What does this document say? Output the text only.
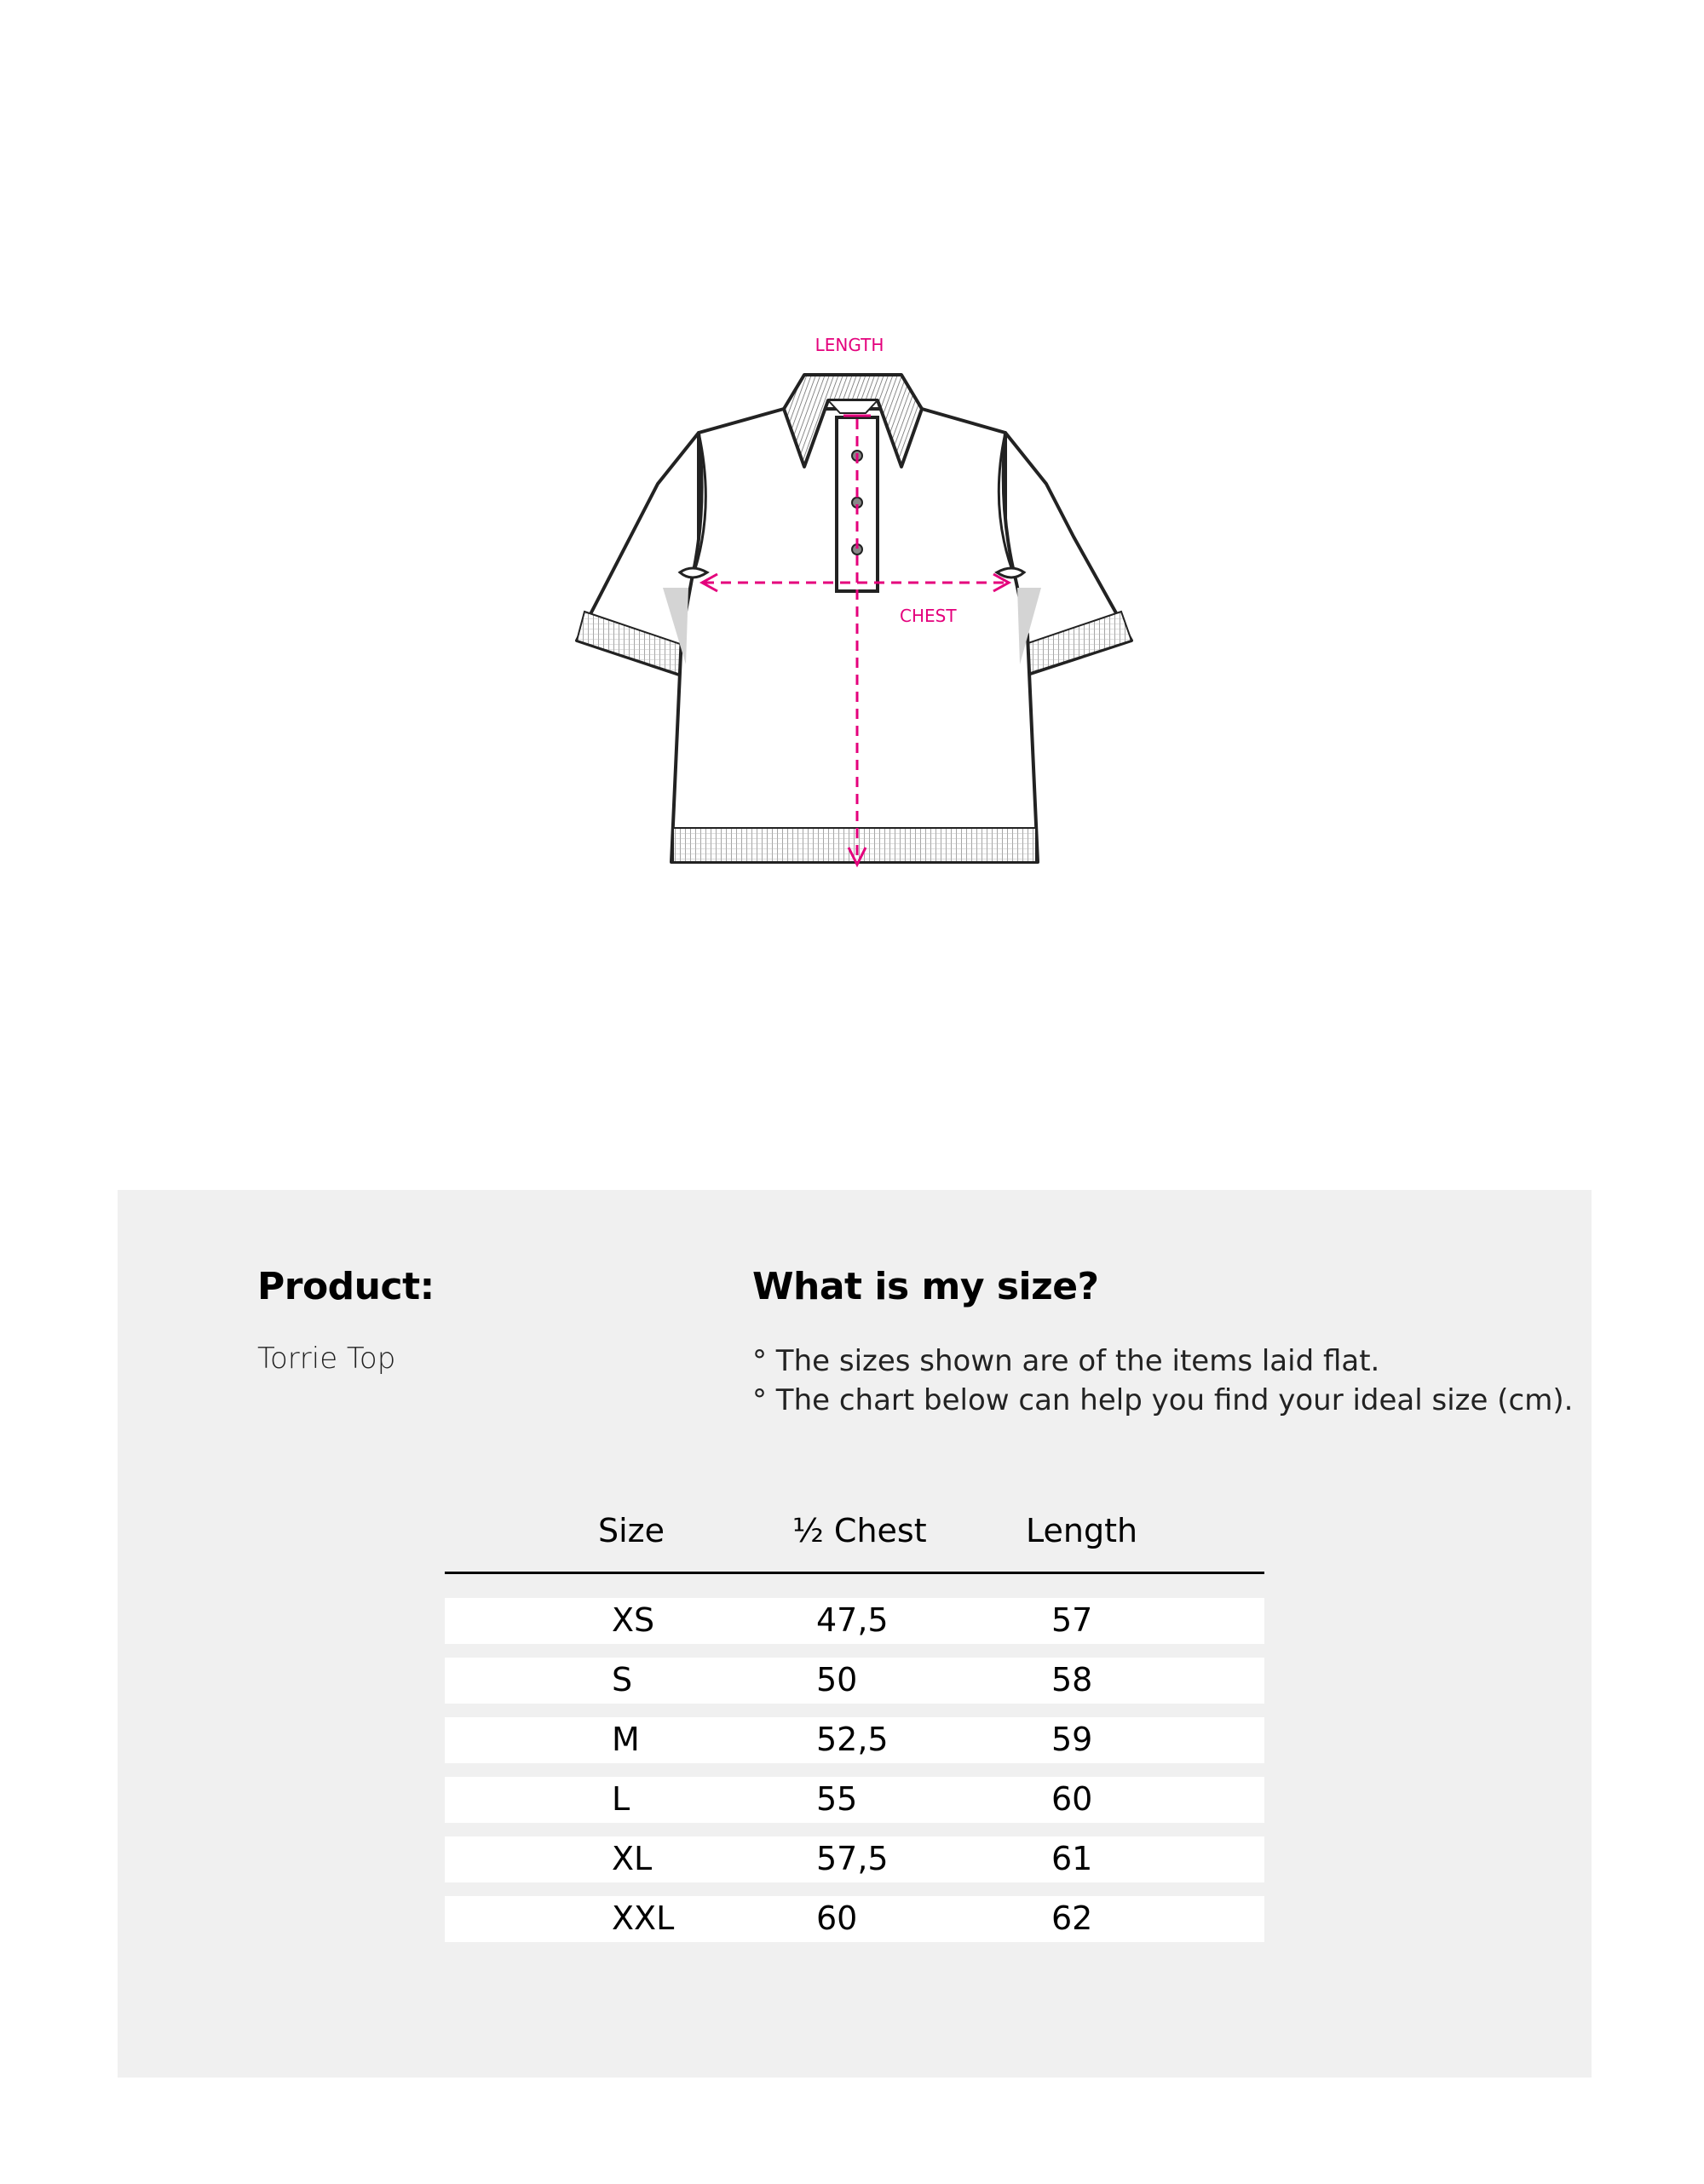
LENGTH
CHEST
Product:
Torrie Top
What is my size?
° The sizes shown are of the items laid flat.
° The chart below can help you find your ideal size (cm).
Size	½ Chest	Length
XS	47,5	57
S	50	58
M	52,5	59
L	55	60
XL	57,5	61
XXL	60	62
